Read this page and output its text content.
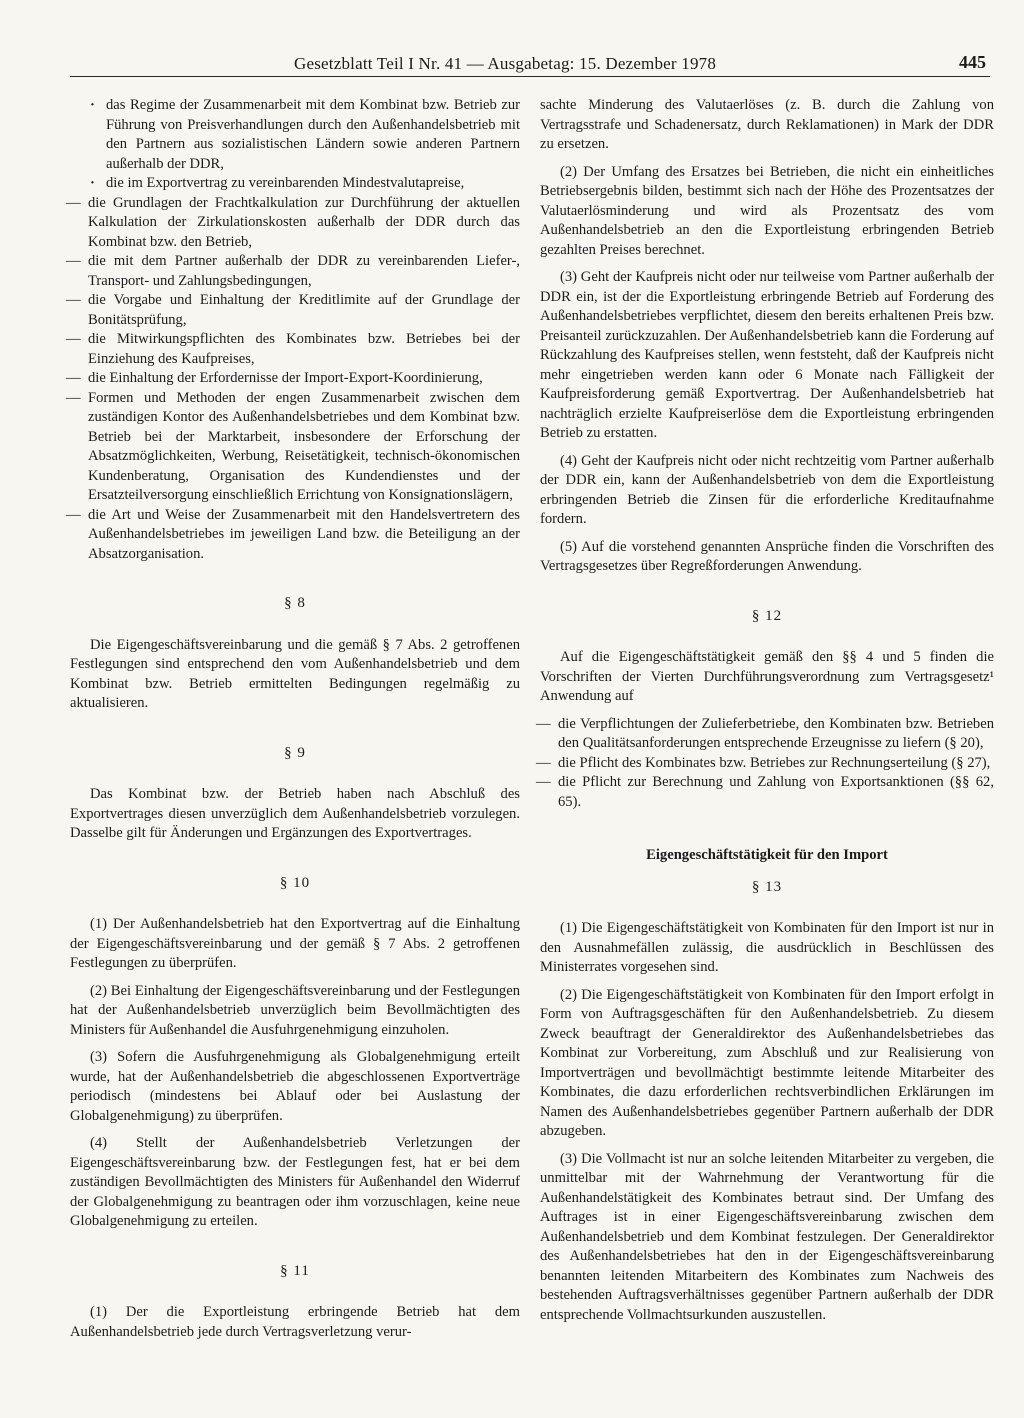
Gesetzblatt Teil I Nr. 41 — Ausgabetag: 15. Dezember 1978	445
· das Regime der Zusammenarbeit mit dem Kombinat bzw. Betrieb zur Führung von Preisverhandlungen durch den Außenhandelsbetrieb mit den Partnern aus sozialistischen Ländern sowie anderen Partnern außerhalb der DDR,
· die im Exportvertrag zu vereinbarenden Mindestvalutapreise,
— die Grundlagen der Frachtkalkulation zur Durchführung der aktuellen Kalkulation der Zirkulationskosten außerhalb der DDR durch das Kombinat bzw. den Betrieb,
— die mit dem Partner außerhalb der DDR zu vereinbarenden Liefer-, Transport- und Zahlungsbedingungen,
— die Vorgabe und Einhaltung der Kreditlimite auf der Grundlage der Bonitätsprüfung,
— die Mitwirkungspflichten des Kombinates bzw. Betriebes bei der Einziehung des Kaufpreises,
— die Einhaltung der Erfordernisse der Import-Export-Koordinierung,
— Formen und Methoden der engen Zusammenarbeit zwischen dem zuständigen Kontor des Außenhandelsbetriebes und dem Kombinat bzw. Betrieb bei der Marktarbeit, insbesondere der Erforschung der Absatzmöglichkeiten, Werbung, Reisetätigkeit, technisch-ökonomischen Kundenberatung, Organisation des Kundendienstes und der Ersatzteilversorgung einschließlich Errichtung von Konsignationslägern,
— die Art und Weise der Zusammenarbeit mit den Handelsvertretern des Außenhandelsbetriebes im jeweiligen Land bzw. die Beteiligung an der Absatzorganisation.
§ 8

Die Eigengeschäftsvereinbarung und die gemäß § 7 Abs. 2 getroffenen Festlegungen sind entsprechend den vom Außenhandelsbetrieb und dem Kombinat bzw. Betrieb ermittelten Bedingungen regelmäßig zu aktualisieren.

§ 9

Das Kombinat bzw. der Betrieb haben nach Abschluß des Exportvertrages diesen unverzüglich dem Außenhandelsbetrieb vorzulegen. Dasselbe gilt für Änderungen und Ergänzungen des Exportvertrages.

§ 10

(1) Der Außenhandelsbetrieb hat den Exportvertrag auf die Einhaltung der Eigengeschäftsvereinbarung und der gemäß § 7 Abs. 2 getroffenen Festlegungen zu überprüfen.

(2) Bei Einhaltung der Eigengeschäftsvereinbarung und der Festlegungen hat der Außenhandelsbetrieb unverzüglich beim Bevollmächtigten des Ministers für Außenhandel die Ausfuhrgenehmigung einzuholen.

(3) Sofern die Ausfuhrgenehmigung als Globalgenehmigung erteilt wurde, hat der Außenhandelsbetrieb die abgeschlossenen Exportverträge periodisch (mindestens bei Ablauf oder bei Auslastung der Globalgenehmigung) zu überprüfen.

(4) Stellt der Außenhandelsbetrieb Verletzungen der Eigengeschäftsvereinbarung bzw. der Festlegungen fest, hat er bei dem zuständigen Bevollmächtigten des Ministers für Außenhandel den Widerruf der Globalgenehmigung zu beantragen oder ihm vorzuschlagen, keine neue Globalgenehmigung zu erteilen.

§ 11

(1) Der die Exportleistung erbringende Betrieb hat dem Außenhandelsbetrieb jede durch Vertragsverletzung verur-

sachte Minderung des Valutaerlöses (z. B. durch die Zahlung von Vertragsstrafe und Schadenersatz, durch Reklamationen) in Mark der DDR zu ersetzen.

(2) Der Umfang des Ersatzes bei Betrieben, die nicht ein einheitliches Betriebsergebnis bilden, bestimmt sich nach der Höhe des Prozentsatzes der Valutaerlösminderung und wird als Prozentsatz des vom Außenhandelsbetrieb an den die Exportleistung erbringenden Betrieb gezahlten Preises berechnet.

(3) Geht der Kaufpreis nicht oder nur teilweise vom Partner außerhalb der DDR ein, ist der die Exportleistung erbringende Betrieb auf Forderung des Außenhandelsbetriebes verpflichtet, diesem den bereits erhaltenen Preis bzw. Preisanteil zurückzuzahlen. Der Außenhandelsbetrieb kann die Forderung auf Rückzahlung des Kaufpreises stellen, wenn feststeht, daß der Kaufpreis nicht mehr eingetrieben werden kann oder 6 Monate nach Fälligkeit der Kaufpreisforderung gemäß Exportvertrag. Der Außenhandelsbetrieb hat nachträglich erzielte Kaufpreiserlöse dem die Exportleistung erbringenden Betrieb zu erstatten.

(4) Geht der Kaufpreis nicht oder nicht rechtzeitig vom Partner außerhalb der DDR ein, kann der Außenhandelsbetrieb von dem die Exportleistung erbringenden Betrieb die Zinsen für die erforderliche Kreditaufnahme fordern.

(5) Auf die vorstehend genannten Ansprüche finden die Vorschriften des Vertragsgesetzes über Regreßforderungen Anwendung.

§ 12

Auf die Eigengeschäftstätigkeit gemäß den §§ 4 und 5 finden die Vorschriften der Vierten Durchführungsverordnung zum Vertragsgesetz¹ Anwendung auf

— die Verpflichtungen der Zulieferbetriebe, den Kombinaten bzw. Betrieben den Qualitätsanforderungen entsprechende Erzeugnisse zu liefern (§ 20),
— die Pflicht des Kombinates bzw. Betriebes zur Rechnungserteilung (§ 27),
— die Pflicht zur Berechnung und Zahlung von Exportsanktionen (§§ 62, 65).
Eigengeschäftstätigkeit für den Import
§ 13

(1) Die Eigengeschäftstätigkeit von Kombinaten für den Import ist nur in den Ausnahmefällen zulässig, die ausdrücklich in Beschlüssen des Ministerrates vorgesehen sind.

(2) Die Eigengeschäftstätigkeit von Kombinaten für den Import erfolgt in Form von Auftragsgeschäften für den Außenhandelsbetrieb. Zu diesem Zweck beauftragt der Generaldirektor des Außenhandelsbetriebes das Kombinat zur Vorbereitung, zum Abschluß und zur Realisierung von Importverträgen und bevollmächtigt bestimmte leitende Mitarbeiter des Kombinates, die dazu erforderlichen rechtsverbindlichen Erklärungen im Namen des Außenhandelsbetriebes gegenüber Partnern außerhalb der DDR abzugeben.

(3) Die Vollmacht ist nur an solche leitenden Mitarbeiter zu vergeben, die unmittelbar mit der Wahrnehmung der Verantwortung für die Außenhandelstätigkeit des Kombinates betraut sind. Der Umfang des Auftrages ist in einer Eigengeschäftsvereinbarung zwischen dem Außenhandelsbetrieb und dem Kombinat festzulegen. Der Generaldirektor des Außenhandelsbetriebes hat den in der Eigengeschäftsvereinbarung benannten leitenden Mitarbeitern des Kombinates zum Nachweis des bestehenden Auftragsverhältnisses gegenüber Partnern außerhalb der DDR entsprechende Vollmachtsurkunden auszustellen.
